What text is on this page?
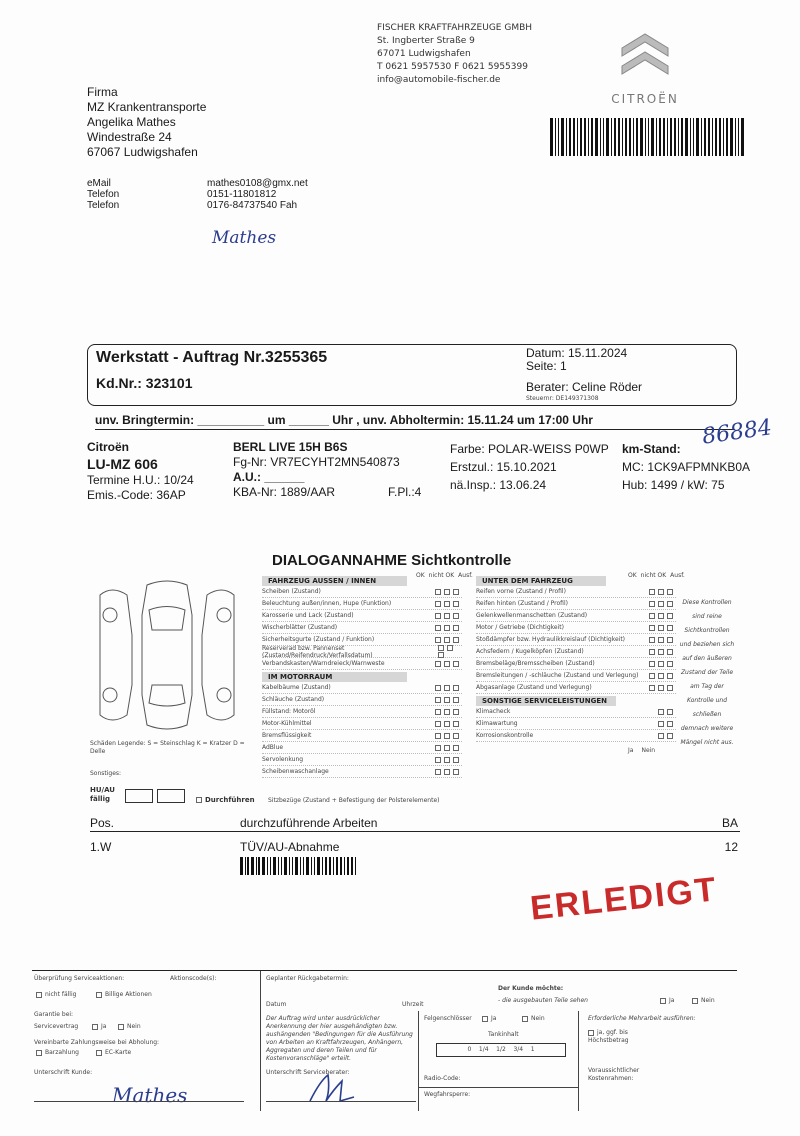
FISCHER KRAFTFAHRZEUGE GMBH
St. Ingberter Straße 9
67071 Ludwigshafen
T 0621 5957530 F 0621 5955399
info@automobile-fischer.de
CITROËN
Firma
MZ Krankentransporte
Angelika Mathes
Windestraße 24
67067 Ludwigshafen
eMail	mathes0108@gmx.net
Telefon	0151-11801812
Telefon	0176-84737540 Fah
Mathes
Werkstatt - Auftrag Nr.3255365
Kd.Nr.: 323101
Datum: 15.11.2024
Seite: 1
Berater: Celine Röder
Steuernr: DE149371308
unv. Bringtermin: __________ um ______ Uhr , unv. Abholtermin: 15.11.24 um 17:00 Uhr
Citroën
LU-MZ 606
Termine H.U.: 10/24
Emis.-Code: 36AP
BERL LIVE 15H B6S
Fg-Nr: VR7ECYHT2MN540873
A.U.: ______
KBA-Nr: 1889/AAR	F.Pl.:4
Farbe: POLAR-WEISS P0WP
Erstzul.: 15.10.2021
nä.Insp.: 13.06.24
km-Stand:
MC: 1CK9AFPMNKB0A
Hub: 1499 / kW: 75
86884
DIALOGANNAHME Sichtkontrolle
Schäden Legende: S = Steinschlag K = Kratzer D = Delle
Sonstiges:
HU/AU fällig	Durchführen Sitzbezüge (Zustand + Befestigung der Polsterelemente)
FAHRZEUG AUSSEN / INNEN
Scheiben (Zustand)
Beleuchtung außen/innen, Hupe (Funktion)
Karosserie und Lack (Zustand)
Wischerblätter (Zustand)
Sicherheitsgurte (Zustand / Funktion)
Reserverad bzw. Pannenset (Zustand/Reifendruck/Verfallsdatum)
Verbandskasten/Warndreieck/Warnweste
IM MOTORRAUM
Kabelbäume (Zustand)
Schläuche (Zustand)
Füllstand: Motoröl
Motor-Kühlmittel
Bremsflüssigkeit
AdBlue
Servolenkung
Scheibenwaschanlage
OK nicht OK Ausf.
UNTER DEM FAHRZEUG
Reifen vorne (Zustand / Profil)
Reifen hinten (Zustand / Profil)
Gelenkwellenmanschetten (Zustand)
Motor / Getriebe (Dichtigkeit)
Stoßdämpfer bzw. Hydraulikkreislauf (Dichtigkeit)
Achsfedern / Kugelköpfen (Zustand)
Bremsbeläge/Bremsscheiben (Zustand)
Bremsleitungen / -schläuche (Zustand und Verlegung)
Abgasanlage (Zustand und Verlegung)
SONSTIGE SERVICELEISTUNGEN
Klimacheck
Klimawartung
Korrosionskontrolle
OK nicht OK Ausf.
Ja Nein
Diese Kontrollen sind reine Sichtkontrollen und beziehen sich auf den äußeren Zustand der Teile am Tag der Kontrolle und schließen demnach weitere Mängel nicht aus.
Pos.	durchzuführende Arbeiten	BA
1.W	TÜV/AU-Abnahme	12
ERLEDIGT
Überprüfung Serviceaktionen:	Aktionscode(s):
nicht fällig	Billige Aktionen
Garantie bei:
Servicevertrag	Ja	Nein
Vereinbarte Zahlungsweise bei Abholung:
Barzahlung	EC-Karte
Unterschrift Kunde:
Mathes
Geplanter Rückgabetermin:
Datum	Uhrzeit
Der Auftrag wird unter ausdrücklicher Anerkennung der hier ausgehändigten bzw. aushängenden "Bedingungen für die Ausführung von Arbeiten an Kraftfahrzeugen, Anhängern, Aggregaten und deren Teilen und für Kostenvoranschläge" erteilt.
Unterschrift Serviceberater:
Der Kunde möchte:
- die ausgebauten Teile sehen	Ja	Nein
Felgenschlösser	Ja	Nein
Tankinhalt
0    1/4    1/2    3/4    1
Radio-Code:
Wegfahrsperre:
Erforderliche Mehrarbeit ausführen:
ja, ggf. bis Höchstbetrag
Voraussichtlicher Kostenrahmen:
